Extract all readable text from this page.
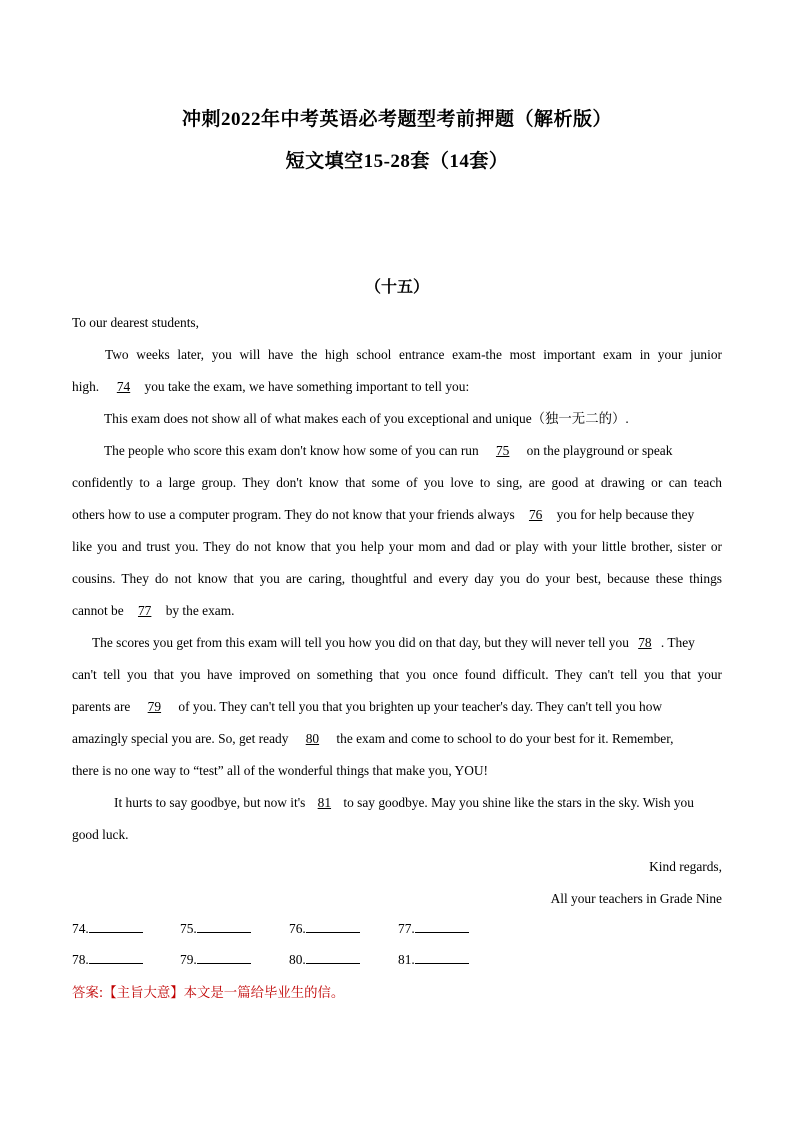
冲刺2022年中考英语必考题型考前押题（解析版）
短文填空15-28套（14套）
（十五）
To our dearest students,
Two weeks later, you will have the high school entrance exam-the most important exam in your junior
high. 74 you take the exam, we have something important to tell you:
This exam does not show all of what makes each of you exceptional and unique（独一无二的）.
The people who score this exam don't know how some of you can run 75 on the playground or speak
confidently to a large group. They don't know that some of you love to sing, are good at drawing or can teach
others how to use a computer program. They do not know that your friends always 76 you for help because they
like you and trust you. They do not know that you help your mom and dad or play with your little brother, sister or
cousins. They do not know that you are caring, thoughtful and every day you do your best, because these things
cannot be 77 by the exam.
The scores you get from this exam will tell you how you did on that day, but they will never tell you 78 . They
can't tell you that you have improved on something that you once found difficult. They can't tell you that your
parents are 79 of you. They can't tell you that you brighten up your teacher's day. They can't tell you how
amazingly special you are. So, get ready 80 the exam and come to school to do your best for it. Remember,
there is no one way to “test” all of the wonderful things that make you, YOU!
It hurts to say goodbye, but now it's 81 to say goodbye. May you shine like the stars in the sky. Wish you
good luck.
Kind regards,
All your teachers in Grade Nine
74.	75.	76.	77.
78.	79.	80.	81.
答案:【主旨大意】本文是一篇给毕业生的信。
